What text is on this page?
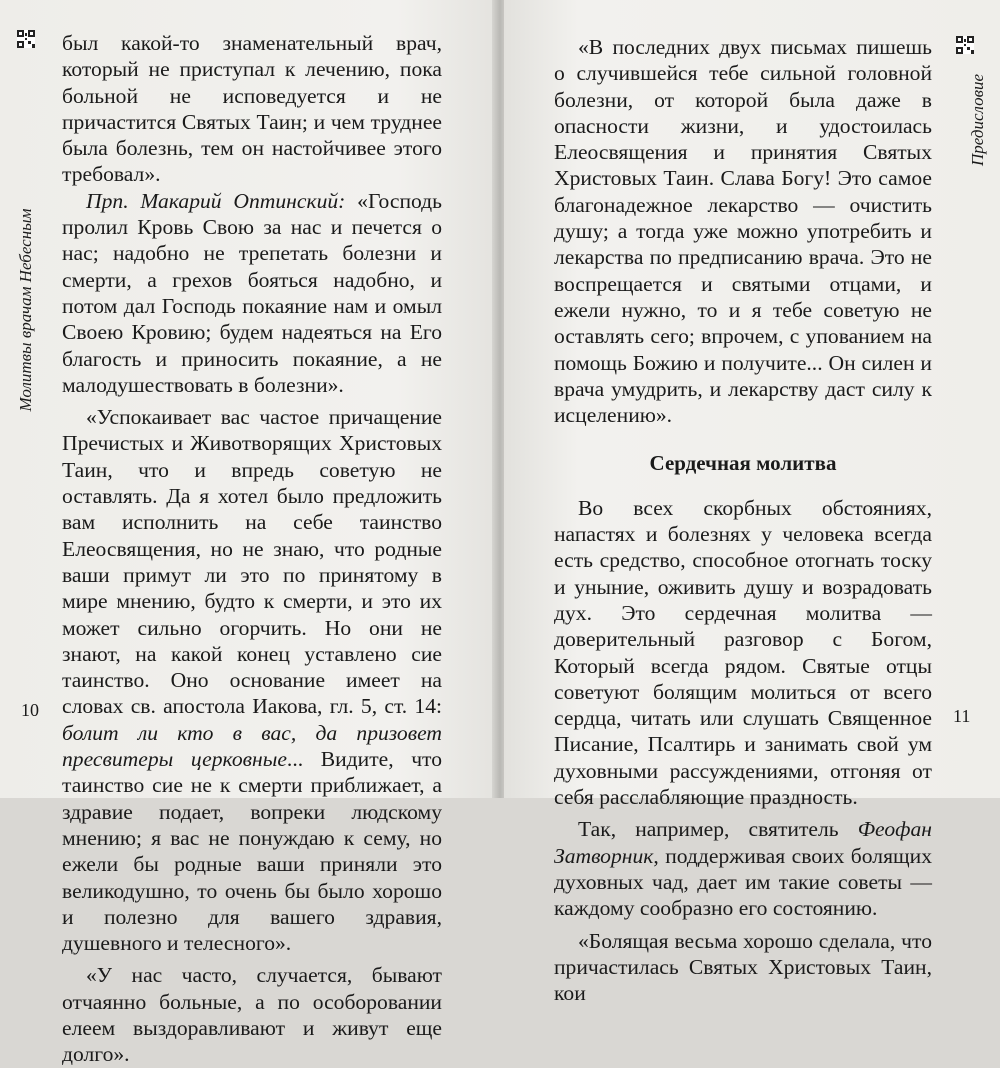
Молитвы врачам Небесным

был какой-то знаменательный врач, который не приступал к лечению, пока больной не исповедуется и не причастится Святых Таин; и чем труднее была болезнь, тем он настойчивее этого требовал».

Прп. Макарий Оптинский: «Господь пролил Кровь Свою за нас и печется о нас; надобно не трепетать болезни и смерти, а грехов бояться надобно, и потом дал Господь покаяние нам и омыл Своею Кровию; будем надеяться на Его благость и приносить покаяние, а не малодушествовать в болезни».

«Успокаивает вас частое причащение Пречистых и Животворящих Христовых Таин, что и впредь советую не оставлять. Да я хотел было предложить вам исполнить на себе таинство Елеосвящения, но не знаю, что родные ваши примут ли это по принятому в мире мнению, будто к смерти, и это их может сильно огорчить. Но они не знают, на какой конец уставлено сие таинство. Оно основание имеет на словах св. апостола Иакова, гл. 5, ст. 14: болит ли кто в вас, да призовет пресвитеры церковные... Видите, что таинство сие не к смерти приближает, а здравие подает, вопреки людскому мнению; я вас не понуждаю к сему, но ежели бы родные ваши приняли это великодушно, то очень бы было хорошо и полезно для вашего здравия, душевного и телесного».

«У нас часто, случается, бывают отчаянно больные, а по особоровании елеем выздоравливают и живут еще долго».

10
Предисловие

«В последних двух письмах пишешь о случившейся тебе сильной головной болезни, от которой была даже в опасности жизни, и удостоилась Елеосвящения и принятия Святых Христовых Таин. Слава Богу! Это самое благонадежное лекарство — очистить душу; а тогда уже можно употребить и лекарства по предписанию врача. Это не воспрещается и святыми отцами, и ежели нужно, то и я тебе советую не оставлять сего; впрочем, с упованием на помощь Божию и получите... Он силен и врача умудрить, и лекарству даст силу к исцелению».

Сердечная молитва

Во всех скорбных обстояниях, напастях и болезнях у человека всегда есть средство, способное отогнать тоску и уныние, оживить душу и возрадовать дух. Это сердечная молитва — доверительный разговор с Богом, Который всегда рядом. Святые отцы советуют болящим молиться от всего сердца, читать или слушать Священное Писание, Псалтирь и занимать свой ум духовными рассуждениями, отгоняя от себя расслабляющие праздность.

Так, например, святитель Феофан Затворник, поддерживая своих болящих духовных чад, дает им такие советы — каждому сообразно его состоянию.

«Болящая весьма хорошо сделала, что причастилась Святых Христовых Таин, кои

11
